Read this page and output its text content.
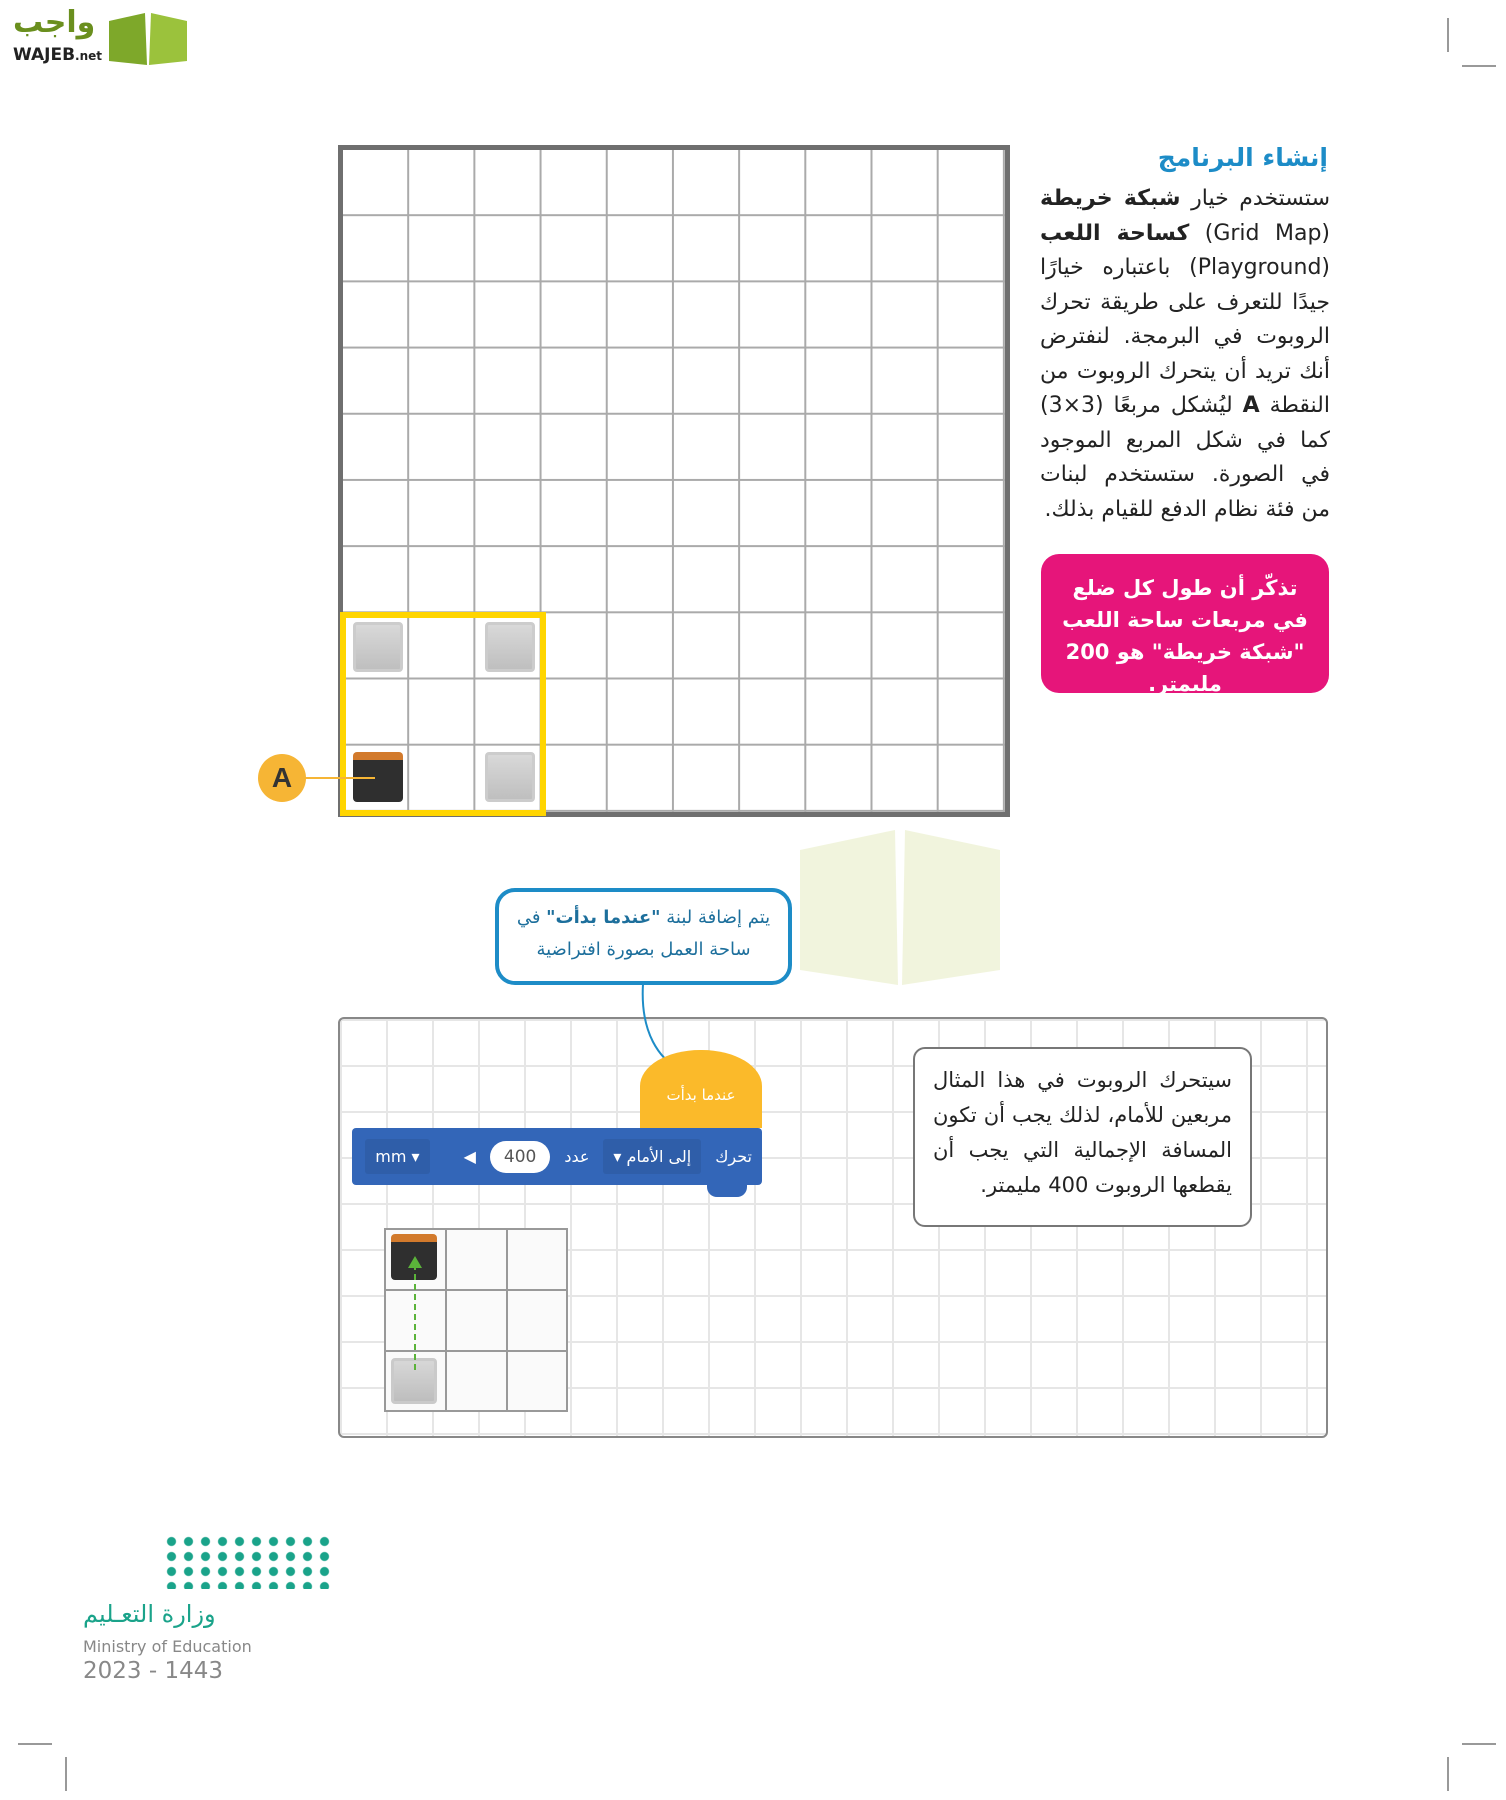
واجب
WAJEB.net
A
إنشاء البرنامج
ستستخدم خيار شبكة خريطة (Grid Map) كساحة اللعب (Playground) باعتباره خيارًا جيدًا للتعرف على طريقة تحرك الروبوت في البرمجة. لنفترض أنك تريد أن يتحرك الروبوت من النقطة A ليُشكل مربعًا (3×3) كما في شكل المربع الموجود في الصورة. ستستخدم لبنات من فئة نظام الدفع للقيام بذلك.
تذكّر أن طول كل ضلع في مربعات ساحة اللعب "شبكة خريطة" هو 200 مليمتر.
يتم إضافة لبنة "عندما بدأت" في ساحة العمل بصورة افتراضية
عندما بدأت
تحرك
إلى الأمام ▾
عدد
400
◀
▾ mm
سيتحرك الروبوت في هذا المثال مربعين للأمام، لذلك يجب أن تكون المسافة الإجمالية التي يجب أن يقطعها الروبوت 400 مليمتر.
وزارة التعـليم
Ministry of Education
2023 - 1443
